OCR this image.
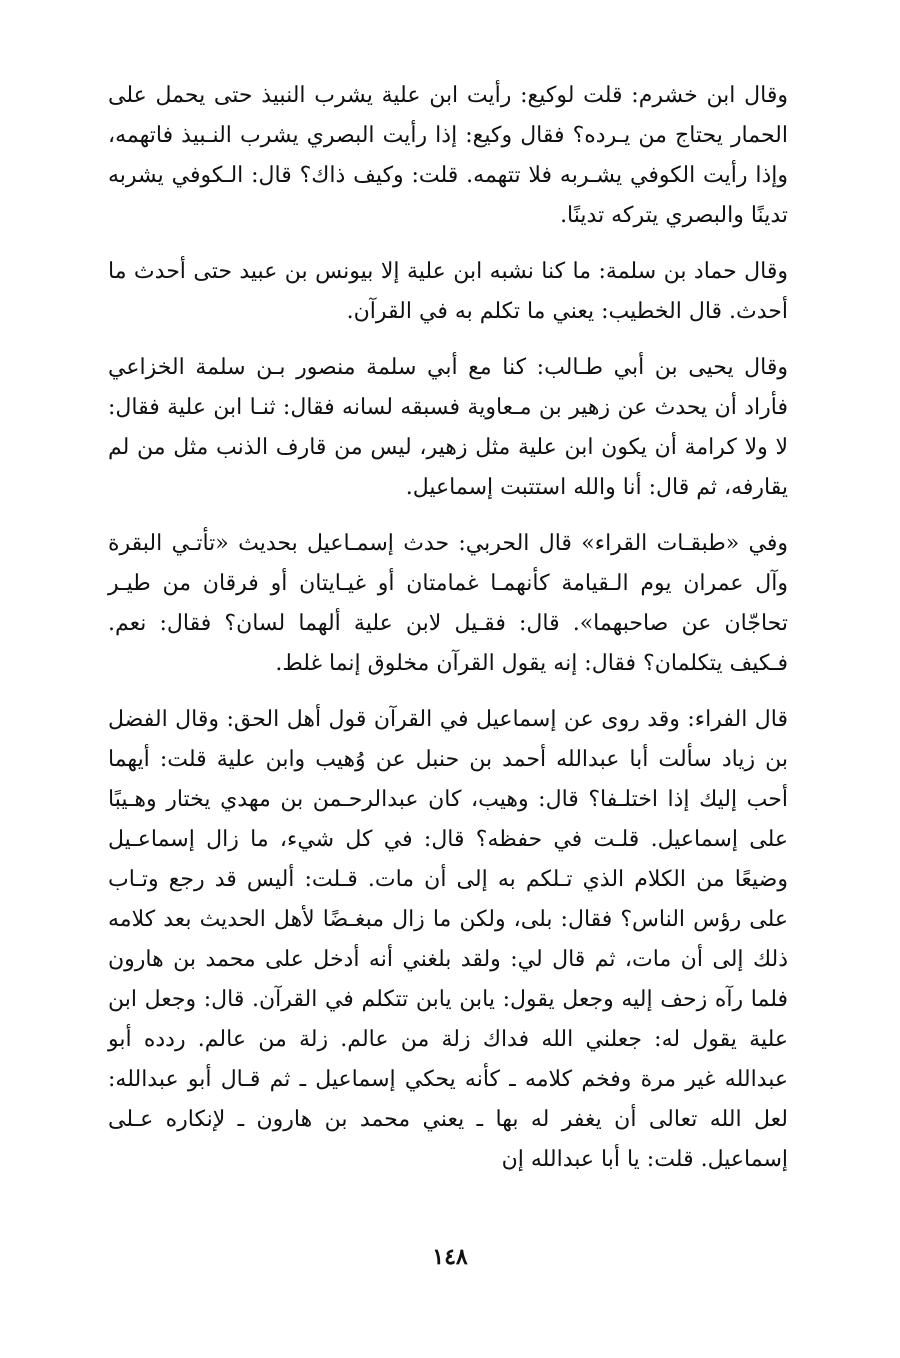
وقال ابن خشرم: قلت لوكيع: رأيت ابن علية يشرب النبيذ حتى يحمل على الحمار يحتاج من يـرده؟ فقال وكيع: إذا رأيت البصري يشرب النـبيذ فاتهمه، وإذا رأيت الكوفي يشـربه فلا تتهمه. قلت: وكيف ذاك؟ قال: الـكوفي يشربه تدينًا والبصري يتركه تدينًا.

وقال حماد بن سلمة: ما كنا نشبه ابن علية إلا بيونس بن عبيد حتى أحدث ما أحدث. قال الخطيب: يعني ما تكلم به في القرآن.

وقال يحيى بن أبي طـالب: كنا مع أبي سلمة منصور بـن سلمة الخزاعي فأراد أن يحدث عن زهير بن مـعاوية فسبقه لسانه فقال: ثنـا ابن علية فقال: لا ولا كرامة أن يكون ابن علية مثل زهير، ليس من قارف الذنب مثل من لم يقارفه، ثم قال: أنا والله استتبت إسماعيل.

وفي «طبقـات القراء» قال الحربي: حدث إسمـاعيل بحديث «تأتـي البقرة وآل عمران يوم الـقيامة كأنهمـا غمامتان أو غيـايتان أو فرقان من طيـر تحاجّان عن صاحبهما». قال: فقـيل لابن علية ألهما لسان؟ فقال: نعم. فـكيف يتكلمان؟ فقال: إنه يقول القرآن مخلوق إنما غلط.

قال الفراء: وقد روى عن إسماعيل في القرآن قول أهل الحق: وقال الفضل بن زياد سألت أبا عبدالله أحمد بن حنبل عن وُهيب وابن علية قلت: أيهما أحب إليك إذا اختلـفا؟ قال: وهيب، كان عبدالرحـمن بن مهدي يختار وهـيبًا على إسماعيل. قلـت في حفظه؟ قال: في كل شيء، ما زال إسماعـيل وضيعًا من الكلام الذي تـلكم به إلى أن مات. قـلت: أليس قد رجع وتـاب على رؤس الناس؟ فقال: بلى، ولكن ما زال مبغـضًا لأهل الحديث بعد كلامه ذلك إلى أن مات، ثم قال لي: ولقد بلغني أنه أدخل على محمد بن هارون فلما رآه زحف إليه وجعل يقول: يابن يابن تتكلم في القرآن. قال: وجعل ابن علية يقول له: جعلني الله فداك زلة من عالم. زلة من عالم. ردده أبو عبدالله غير مرة وفخم كلامه ـ كأنه يحكي إسماعيل ـ ثم قـال أبو عبدالله: لعل الله تعالى أن يغفر له بها ـ يعني محمد بن هارون ـ لإنكاره عـلى إسماعيل. قلت: يا أبا عبدالله إن

١٤٨
